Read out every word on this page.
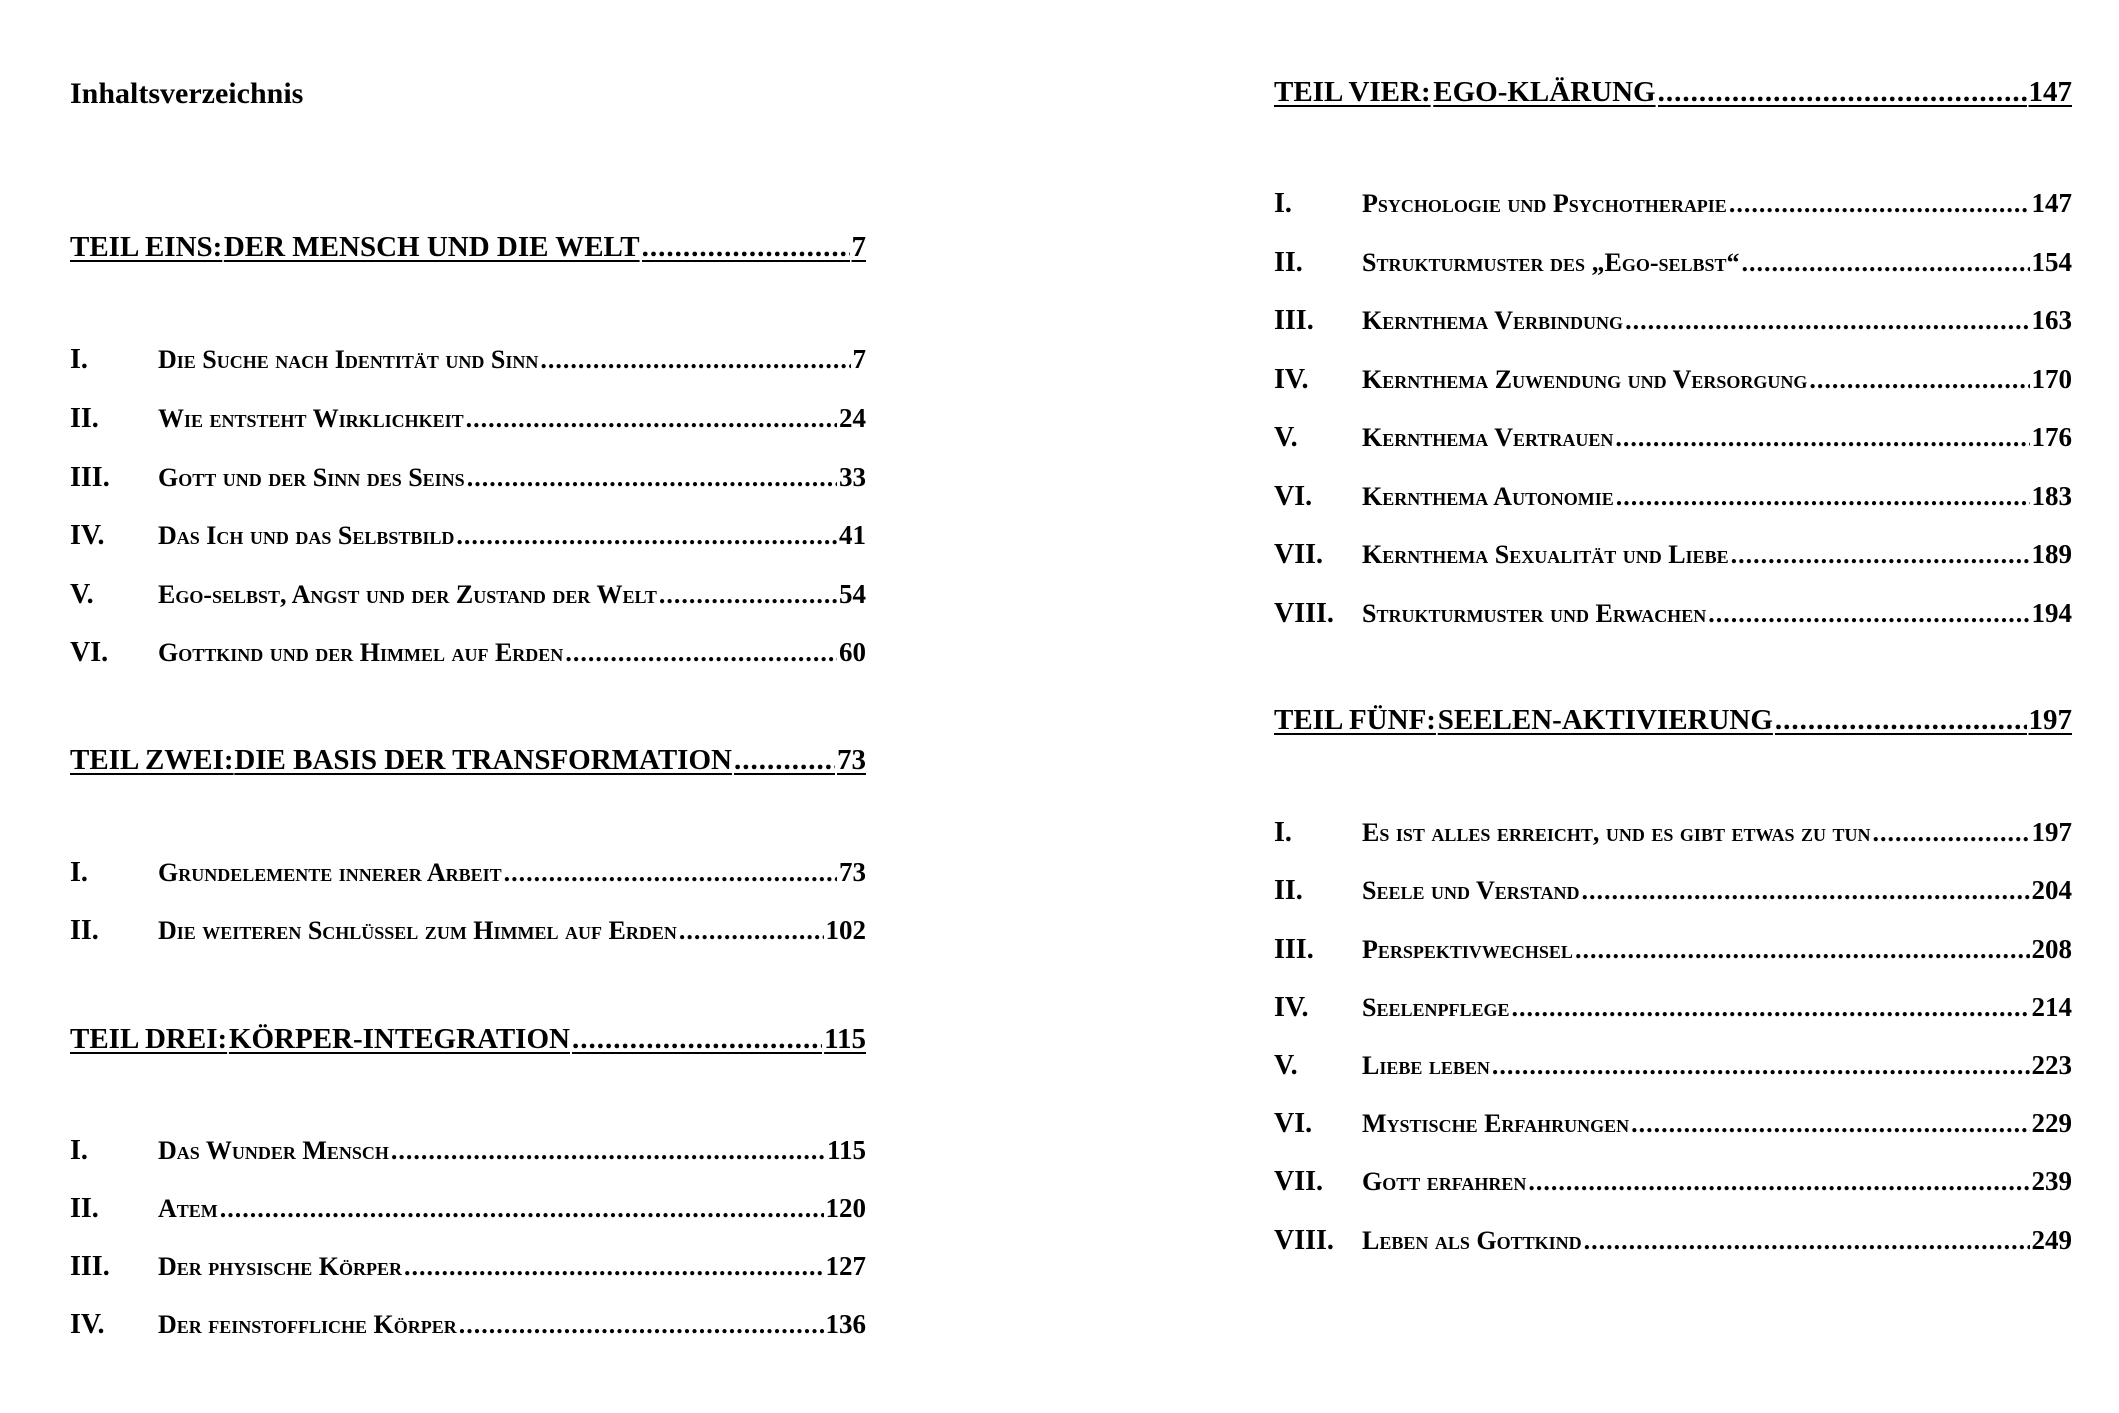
Inhaltsverzeichnis
TEIL EINS: DER MENSCH UND DIE WELT .....	7
I.	Die Suche nach Identität und Sinn .....	7
II.	Wie entsteht Wirklichkeit .....	24
III.	Gott und der Sinn des Seins .....	33
IV.	Das Ich und das Selbstbild .....	41
V.	Ego-selbst, Angst und der Zustand der Welt .....	54
VI.	Gottkind und der Himmel auf Erden .....	60
TEIL ZWEI: DIE BASIS DER TRANSFORMATION .....	73
I.	Grundelemente innerer Arbeit .....	73
II.	Die weiteren Schlüssel zum Himmel auf Erden .....	102
TEIL DREI: KÖRPER-INTEGRATION .....	115
I.	Das Wunder Mensch .....	115
II.	Atem .....	120
III.	Der physische Körper .....	127
IV.	Der feinstoffliche Körper .....	136
TEIL VIER: EGO-KLÄRUNG .....	147
I.	Psychologie und Psychotherapie .....	147
II.	Strukturmuster des „Ego-selbst“ .....	154
III.	Kernthema Verbindung .....	163
IV.	Kernthema Zuwendung und Versorgung .....	170
V.	Kernthema Vertrauen .....	176
VI.	Kernthema Autonomie .....	183
VII.	Kernthema Sexualität und Liebe .....	189
VIII.	Strukturmuster und Erwachen .....	194
TEIL FÜNF: SEELEN-AKTIVIERUNG .....	197
I.	Es ist alles erreicht, und es gibt etwas zu tun .....	197
II.	Seele und Verstand .....	204
III.	Perspektivwechsel .....	208
IV.	Seelenpflege .....	214
V.	Liebe leben .....	223
VI.	Mystische Erfahrungen .....	229
VII.	Gott erfahren .....	239
VIII.	Leben als Gottkind .....	249
